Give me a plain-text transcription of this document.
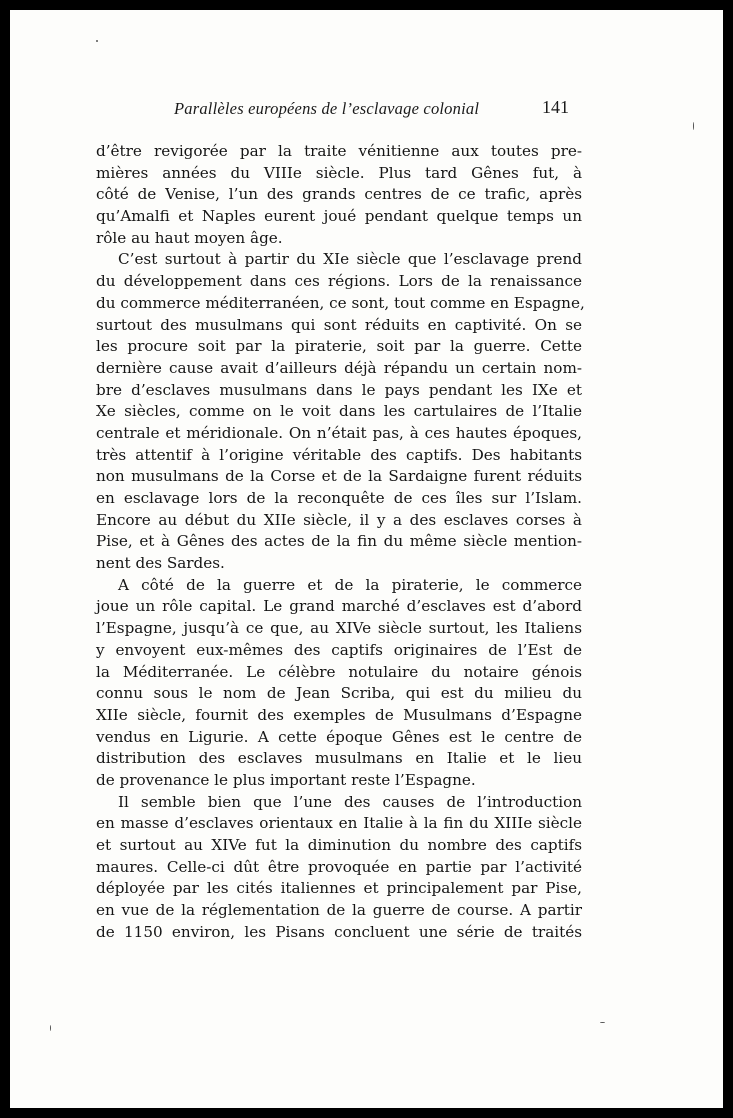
Parallèles européens de l’esclavage colonial	141
d’être revigorée par la traite vénitienne aux toutes pre-
mières années du VIIIe siècle. Plus tard Gênes fut, à
côté de Venise, l’un des grands centres de ce trafic, après
qu’Amalfi et Naples eurent joué pendant quelque temps un
rôle au haut moyen âge.
C’est surtout à partir du XIe siècle que l’esclavage prend
du développement dans ces régions. Lors de la renaissance
du commerce méditerranéen, ce sont, tout comme en Espagne,
surtout des musulmans qui sont réduits en captivité. On se
les procure soit par la piraterie, soit par la guerre. Cette
dernière cause avait d’ailleurs déjà répandu un certain nom-
bre d’esclaves musulmans dans le pays pendant les IXe et
Xe siècles, comme on le voit dans les cartulaires de l’Italie
centrale et méridionale. On n’était pas, à ces hautes époques,
très attentif à l’origine véritable des captifs. Des habitants
non musulmans de la Corse et de la Sardaigne furent réduits
en esclavage lors de la reconquête de ces îles sur l’Islam.
Encore au début du XIIe siècle, il y a des esclaves corses à
Pise, et à Gênes des actes de la fin du même siècle mention-
nent des Sardes.
A côté de la guerre et de la piraterie, le commerce
joue un rôle capital. Le grand marché d’esclaves est d’abord
l’Espagne, jusqu’à ce que, au XIVe siècle surtout, les Italiens
y envoyent eux-mêmes des captifs originaires de l’Est de
la Méditerranée. Le célèbre notulaire du notaire génois
connu sous le nom de Jean Scriba, qui est du milieu du
XIIe siècle, fournit des exemples de Musulmans d’Espagne
vendus en Ligurie. A cette époque Gênes est le centre de
distribution des esclaves musulmans en Italie et le lieu
de provenance le plus important reste l’Espagne.
Il semble bien que l’une des causes de l’introduction
en masse d’esclaves orientaux en Italie à la fin du XIIIe siècle
et surtout au XIVe fut la diminution du nombre des captifs
maures. Celle-ci dût être provoquée en partie par l’activité
déployée par les cités italiennes et principalement par Pise,
en vue de la réglementation de la guerre de course. A partir
de 1150 environ, les Pisans concluent une série de traités
